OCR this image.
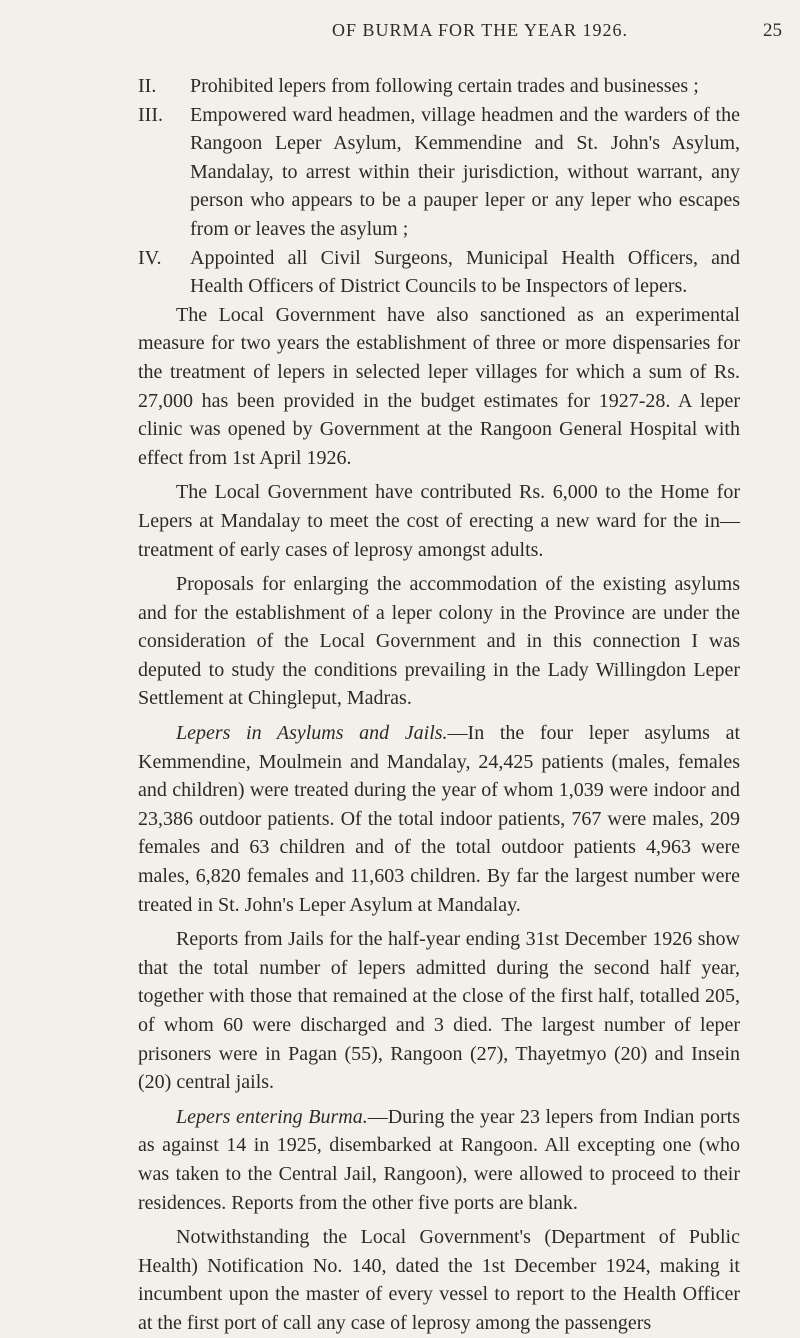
OF BURMA FOR THE YEAR 1926.	25

II. Prohibited lepers from following certain trades and businesses ;

III. Empowered ward headmen, village headmen and the warders of the Rangoon Leper Asylum, Kemmendine and St. John's Asylum, Mandalay, to arrest within their jurisdiction, without warrant, any person who appears to be a pauper leper or any leper who escapes from or leaves the asylum ;

IV. Appointed all Civil Surgeons, Municipal Health Officers, and Health Officers of District Councils to be Inspectors of lepers.

The Local Government have also sanctioned as an experimental measure for two years the establishment of three or more dispensaries for the treatment of lepers in selected leper villages for which a sum of Rs. 27,000 has been provided in the budget estimates for 1927-28. A leper clinic was opened by Government at the Rangoon General Hospital with effect from 1st April 1926.

The Local Government have contributed Rs. 6,000 to the Home for Lepers at Mandalay to meet the cost of erecting a new ward for the in—treatment of early cases of leprosy amongst adults.

Proposals for enlarging the accommodation of the existing asylums and for the establishment of a leper colony in the Province are under the consideration of the Local Government and in this connection I was deputed to study the conditions prevailing in the Lady Willingdon Leper Settlement at Chingleput, Madras.

Lepers in Asylums and Jails.—In the four leper asylums at Kemmendine, Moulmein and Mandalay, 24,425 patients (males, females and children) were treated during the year of whom 1,039 were indoor and 23,386 outdoor patients. Of the total indoor patients, 767 were males, 209 females and 63 children and of the total outdoor patients 4,963 were males, 6,820 females and 11,603 children. By far the largest number were treated in St. John's Leper Asylum at Mandalay.

Reports from Jails for the half-year ending 31st December 1926 show that the total number of lepers admitted during the second half year, together with those that remained at the close of the first half, totalled 205, of whom 60 were discharged and 3 died. The largest number of leper prisoners were in Pagan (55), Rangoon (27), Thayetmyo (20) and Insein (20) central jails.

Lepers entering Burma.—During the year 23 lepers from Indian ports as against 14 in 1925, disembarked at Rangoon. All excepting one (who was taken to the Central Jail, Rangoon), were allowed to proceed to their residences. Reports from the other five ports are blank.

Notwithstanding the Local Government's (Department of Public Health) Notification No. 140, dated the 1st December 1924, making it incumbent upon the master of every vessel to report to the Health Officer at the first port of call any case of leprosy among the passengers
